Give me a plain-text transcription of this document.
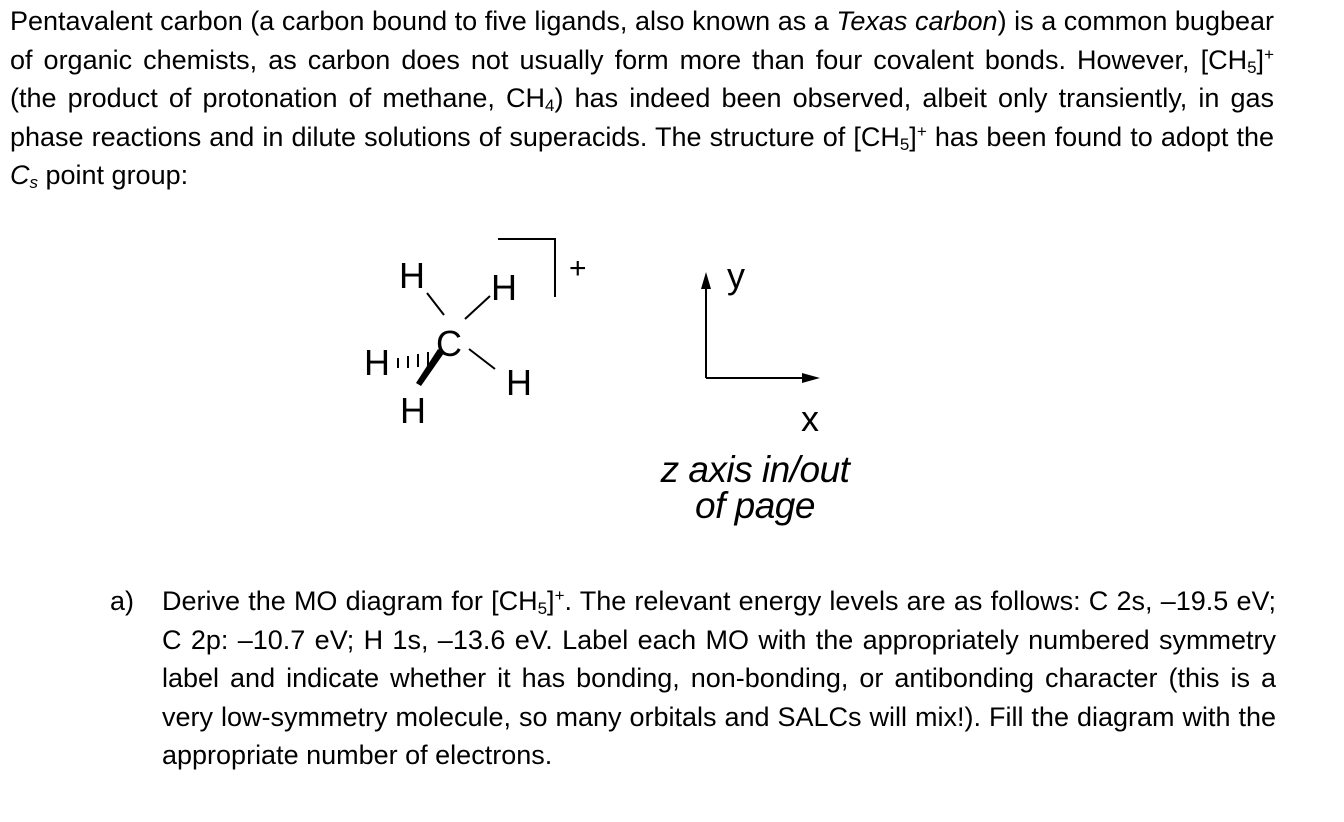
Pentavalent carbon (a carbon bound to five ligands, also known as a Texas carbon) is a common bugbear of organic chemists, as carbon does not usually form more than four covalent bonds. However, $[CH_5]^+$ (the product of protonation of methane, $CH_4$) has indeed been observed, albeit only transiently, in gas phase reactions and in dilute solutions of superacids. The structure of $[CH_5]^+$ has been found to adopt the $C_s$ point group:

H H
C
H	H
H
+	y
x
z axis in/out
of page
a)	Derive the MO diagram for $[CH_5]^+$. The relevant energy levels are as follows: C 2s, –19.5 eV; C 2p: –10.7 eV; H 1s, –13.6 eV. Label each MO with the appropriately numbered symmetry label and indicate whether it has bonding, non-bonding, or antibonding character (this is a very low-symmetry molecule, so many orbitals and SALCs will mix!). Fill the diagram with the appropriate number of electrons.
